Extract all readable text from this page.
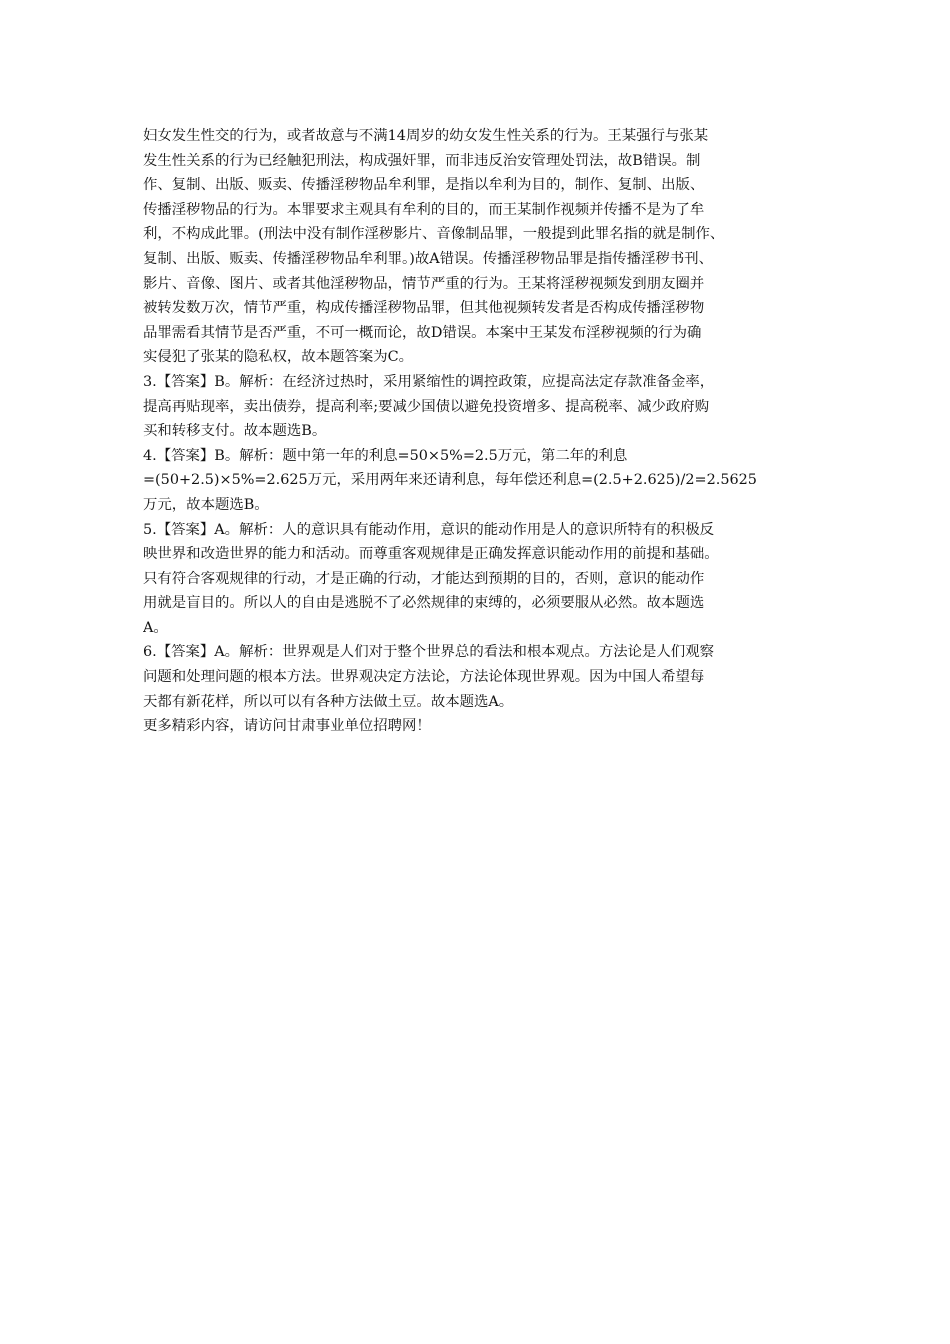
妇女发生性交的行为，或者故意与不满14周岁的幼女发生性关系的行为。王某强行与张某
发生性关系的行为已经触犯刑法，构成强奸罪，而非违反治安管理处罚法，故B错误。制
作、复制、出版、贩卖、传播淫秽物品牟利罪，是指以牟利为目的，制作、复制、出版、
传播淫秽物品的行为。本罪要求主观具有牟利的目的，而王某制作视频并传播不是为了牟
利，不构成此罪。(刑法中没有制作淫秽影片、音像制品罪，一般提到此罪名指的就是制作、
复制、出版、贩卖、传播淫秽物品牟利罪。)故A错误。传播淫秽物品罪是指传播淫秽书刊、
影片、音像、图片、或者其他淫秽物品，情节严重的行为。王某将淫秽视频发到朋友圈并
被转发数万次，情节严重，构成传播淫秽物品罪，但其他视频转发者是否构成传播淫秽物
品罪需看其情节是否严重，不可一概而论，故D错误。本案中王某发布淫秽视频的行为确
实侵犯了张某的隐私权，故本题答案为C。
3.【答案】B。解析：在经济过热时，采用紧缩性的调控政策，应提高法定存款准备金率，
提高再贴现率，卖出债券，提高利率;要减少国债以避免投资增多、提高税率、减少政府购
买和转移支付。故本题选B。
4.【答案】B。解析：题中第一年的利息=50×5%=2.5万元，第二年的利息
=(50+2.5)×5%=2.625万元，采用两年来还请利息，每年偿还利息=(2.5+2.625)/2=2.5625
万元，故本题选B。
5.【答案】A。解析：人的意识具有能动作用，意识的能动作用是人的意识所特有的积极反
映世界和改造世界的能力和活动。而尊重客观规律是正确发挥意识能动作用的前提和基础。
只有符合客观规律的行动，才是正确的行动，才能达到预期的目的，否则，意识的能动作
用就是盲目的。所以人的自由是逃脱不了必然规律的束缚的，必须要服从必然。故本题选
A。
6.【答案】A。解析：世界观是人们对于整个世界总的看法和根本观点。方法论是人们观察
问题和处理问题的根本方法。世界观决定方法论，方法论体现世界观。因为中国人希望每
天都有新花样，所以可以有各种方法做土豆。故本题选A。
更多精彩内容，请访问甘肃事业单位招聘网！
